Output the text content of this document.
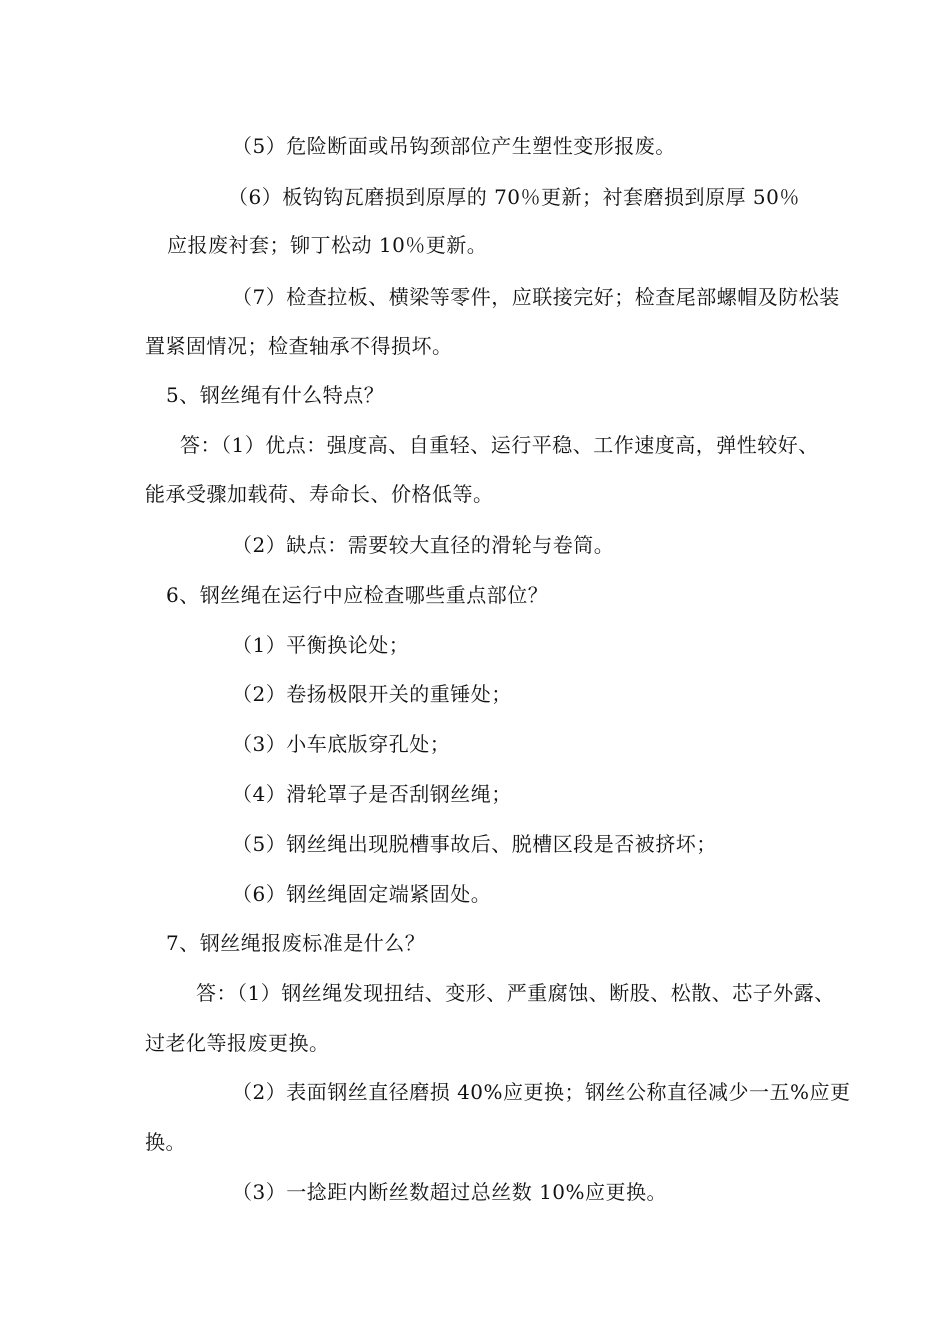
（5）危险断面或吊钩颈部位产生塑性变形报废。
（6）板钩钩瓦磨损到原厚的 70％更新；衬套磨损到原厚 50％
应报废衬套；铆丁松动 10％更新。
（7）检查拉板、横梁等零件，应联接完好；检查尾部螺帽及防松装
置紧固情况；检查轴承不得损坏。
5、钢丝绳有什么特点？
答：（1）优点：强度高、自重轻、运行平稳、工作速度高，弹性较好、
能承受骤加载荷、寿命长、价格低等。
（2）缺点：需要较大直径的滑轮与卷筒。
6、钢丝绳在运行中应检查哪些重点部位？
（1）平衡换论处；
（2）卷扬极限开关的重锤处；
（3）小车底版穿孔处；
（4）滑轮罩子是否刮钢丝绳；
（5）钢丝绳出现脱槽事故后、脱槽区段是否被挤坏；
（6）钢丝绳固定端紧固处。
7、钢丝绳报废标准是什么？
答：（1）钢丝绳发现扭结、变形、严重腐蚀、断股、松散、芯子外露、
过老化等报废更换。
（2）表面钢丝直径磨损 40%应更换；钢丝公称直径减少一五%应更
换。
（3）一捻距内断丝数超过总丝数 10%应更换。
